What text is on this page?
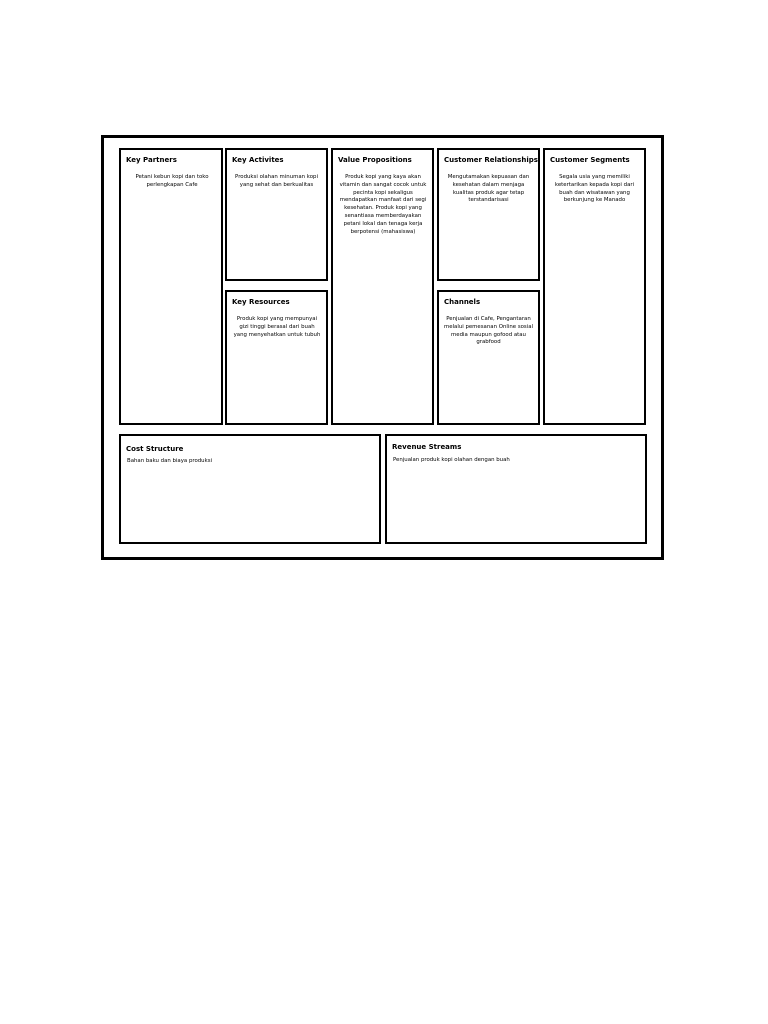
Key Partners
Petani kebun kopi dan toko perlengkapan Cafe
Key Activites
Produksi olahan minuman kopi yang sehat dan berkualitas
Key Resources
Produk kopi yang mempunyai gizi tinggi berasal dari buah yang menyehatkan untuk tubuh
Value Propositions
Produk kopi yang kaya akan vitamin dan sangat cocok untuk pecinta kopi sekaligus mendapatkan manfaat dari segi kesehatan. Produk kopi yang senantiasa memberdayakan petani lokal dan tenaga kerja berpotensi (mahasiswa)
Customer Relationships
Mengutamakan kepuasan dan kesehatan dalam menjaga kualitas produk agar tetap terstandarisasi
Channels
Penjualan di Cafe, Pengantaran melalui pemesanan Online sosial media maupun gofood atau grabfood
Customer Segments
Segala usia yang memiliki ketertarikan kepada kopi dari buah dan wisatawan yang berkunjung ke Manado
Cost Structure
Bahan baku dan biaya produksi
Revenue Streams
Penjualan produk kopi olahan dengan buah
